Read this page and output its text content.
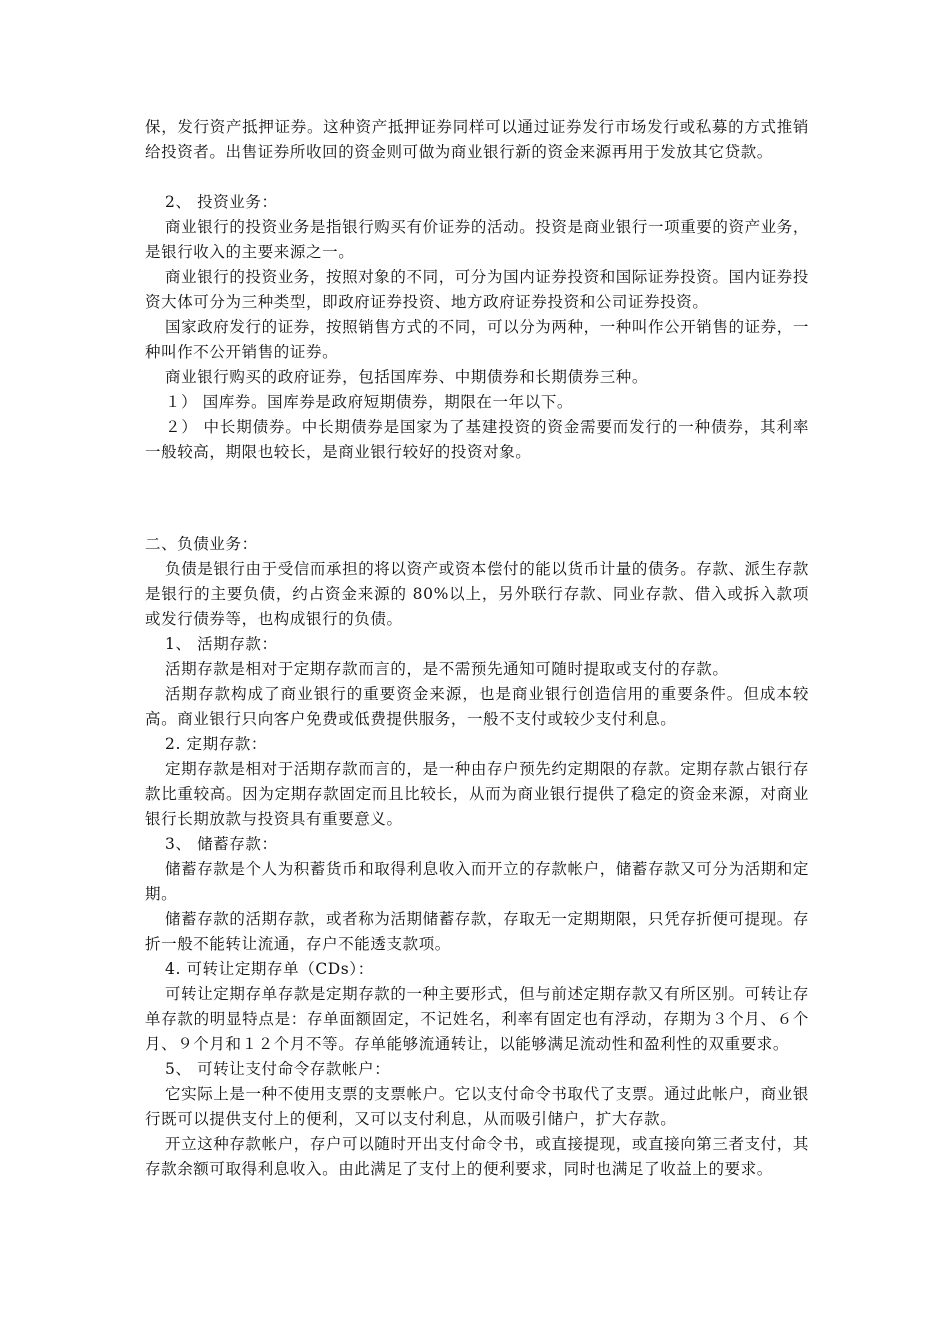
保，发行资产抵押证券。这种资产抵押证券同样可以通过证券发行市场发行或私募的方式推销给投资者。出售证券所收回的资金则可做为商业银行新的资金来源再用于发放其它贷款。

2、 投资业务：

商业银行的投资业务是指银行购买有价证券的活动。投资是商业银行一项重要的资产业务，是银行收入的主要来源之一。

商业银行的投资业务，按照对象的不同，可分为国内证券投资和国际证券投资。国内证券投资大体可分为三种类型，即政府证券投资、地方政府证券投资和公司证券投资。

国家政府发行的证券，按照销售方式的不同，可以分为两种，一种叫作公开销售的证券，一种叫作不公开销售的证券。

商业银行购买的政府证券，包括国库券、中期债券和长期债券三种。

１） 国库券。国库券是政府短期债券，期限在一年以下。

２） 中长期债券。中长期债券是国家为了基建投资的资金需要而发行的一种债券，其利率一般较高，期限也较长，是商业银行较好的投资对象。

二、负债业务：

负债是银行由于受信而承担的将以资产或资本偿付的能以货币计量的债务。存款、派生存款是银行的主要负债，约占资金来源的 80%以上，另外联行存款、同业存款、借入或拆入款项或发行债券等，也构成银行的负债。

1、 活期存款：

活期存款是相对于定期存款而言的，是不需预先通知可随时提取或支付的存款。

活期存款构成了商业银行的重要资金来源，也是商业银行创造信用的重要条件。但成本较高。商业银行只向客户免费或低费提供服务，一般不支付或较少支付利息。

2. 定期存款：

定期存款是相对于活期存款而言的，是一种由存户预先约定期限的存款。定期存款占银行存款比重较高。因为定期存款固定而且比较长，从而为商业银行提供了稳定的资金来源，对商业银行长期放款与投资具有重要意义。

3、 储蓄存款：

储蓄存款是个人为积蓄货币和取得利息收入而开立的存款帐户，储蓄存款又可分为活期和定期。

储蓄存款的活期存款，或者称为活期储蓄存款，存取无一定期期限，只凭存折便可提现。存折一般不能转让流通，存户不能透支款项。

4. 可转让定期存单（CDs）：

可转让定期存单存款是定期存款的一种主要形式，但与前述定期存款又有所区别。可转让存单存款的明显特点是：存单面额固定，不记姓名，利率有固定也有浮动，存期为３个月、６个月、９个月和１２个月不等。存单能够流通转让，以能够满足流动性和盈利性的双重要求。

5、 可转让支付命令存款帐户：

它实际上是一种不使用支票的支票帐户。它以支付命令书取代了支票。通过此帐户，商业银行既可以提供支付上的便利，又可以支付利息，从而吸引储户，扩大存款。

开立这种存款帐户，存户可以随时开出支付命令书，或直接提现，或直接向第三者支付，其存款余额可取得利息收入。由此满足了支付上的便利要求，同时也满足了收益上的要求。
